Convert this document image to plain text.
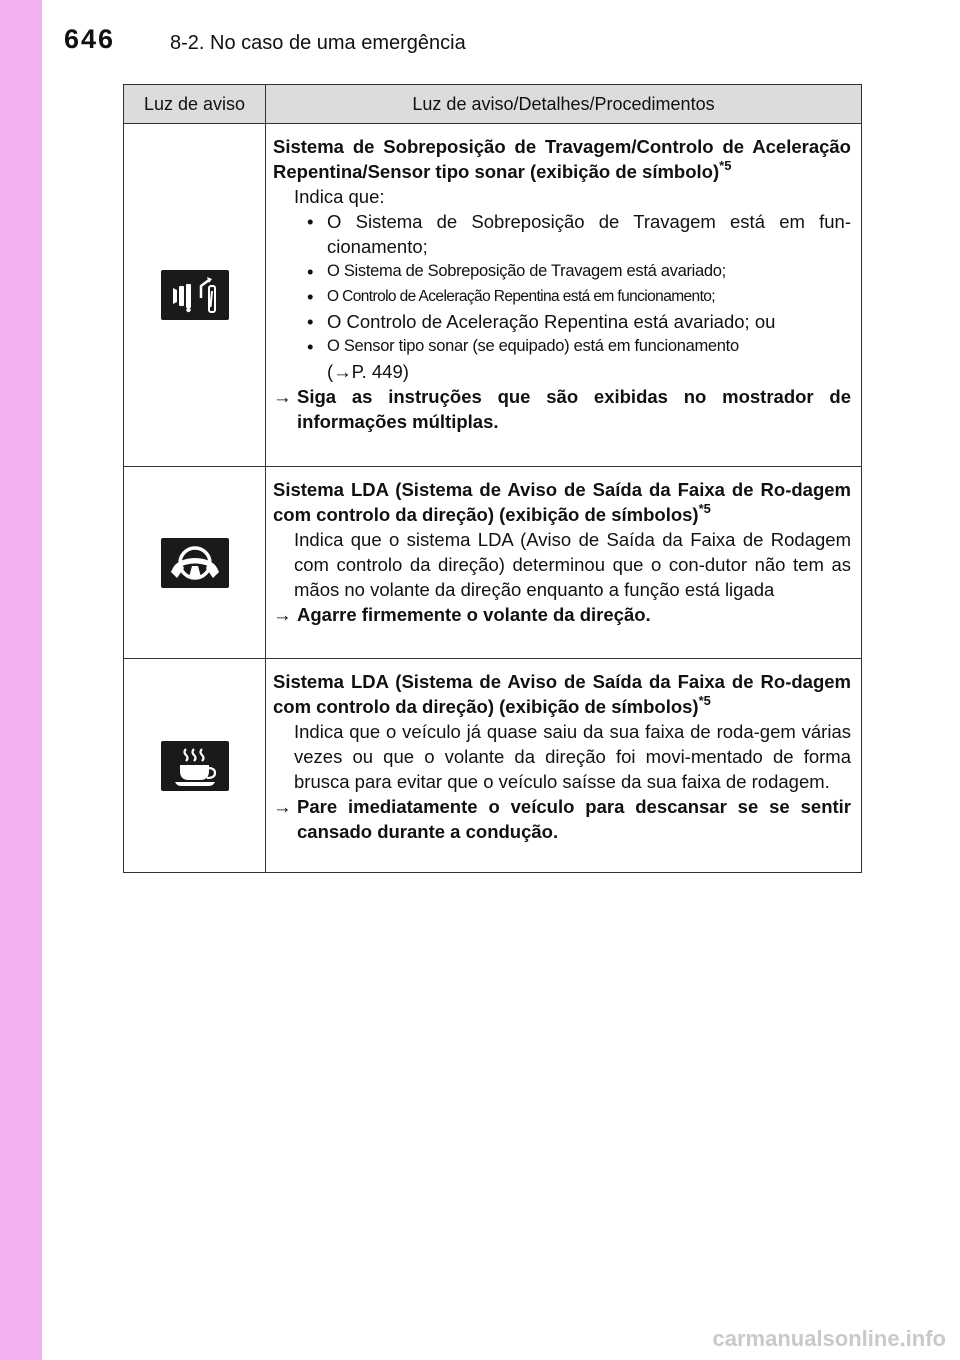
646	8-2. No caso de uma emergência
Luz de aviso	Luz de aviso/Detalhes/Procedimentos
Sistema de Sobreposição de Travagem/Controlo de Aceleração Repentina/Sensor tipo sonar (exibição de símbolo)$^{*5}$
Indica que:
• O Sistema de Sobreposição de Travagem está em fun-cionamento;
• O Sistema de Sobreposição de Travagem está avariado;
• O Controlo de Aceleração Repentina está em funcionamento;
• O Controlo de Aceleração Repentina está avariado; ou
• O Sensor tipo sonar (se equipado) está em funcionamento
(→P. 449)
→ Siga as instruções que são exibidas no mostrador de informações múltiplas.
Sistema LDA (Sistema de Aviso de Saída da Faixa de Ro-dagem com controlo da direção) (exibição de símbolos)$^{*5}$
Indica que o sistema LDA (Aviso de Saída da Faixa de Rodagem com controlo da direção) determinou que o con-dutor não tem as mãos no volante da direção enquanto a função está ligada
→ Agarre firmemente o volante da direção.
Sistema LDA (Sistema de Aviso de Saída da Faixa de Ro-dagem com controlo da direção) (exibição de símbolos)$^{*5}$
Indica que o veículo já quase saiu da sua faixa de roda-gem várias vezes ou que o volante da direção foi movi-mentado de forma brusca para evitar que o veículo saísse da sua faixa de rodagem.
→ Pare imediatamente o veículo para descansar se se sentir cansado durante a condução.
carmanualsonline.info
